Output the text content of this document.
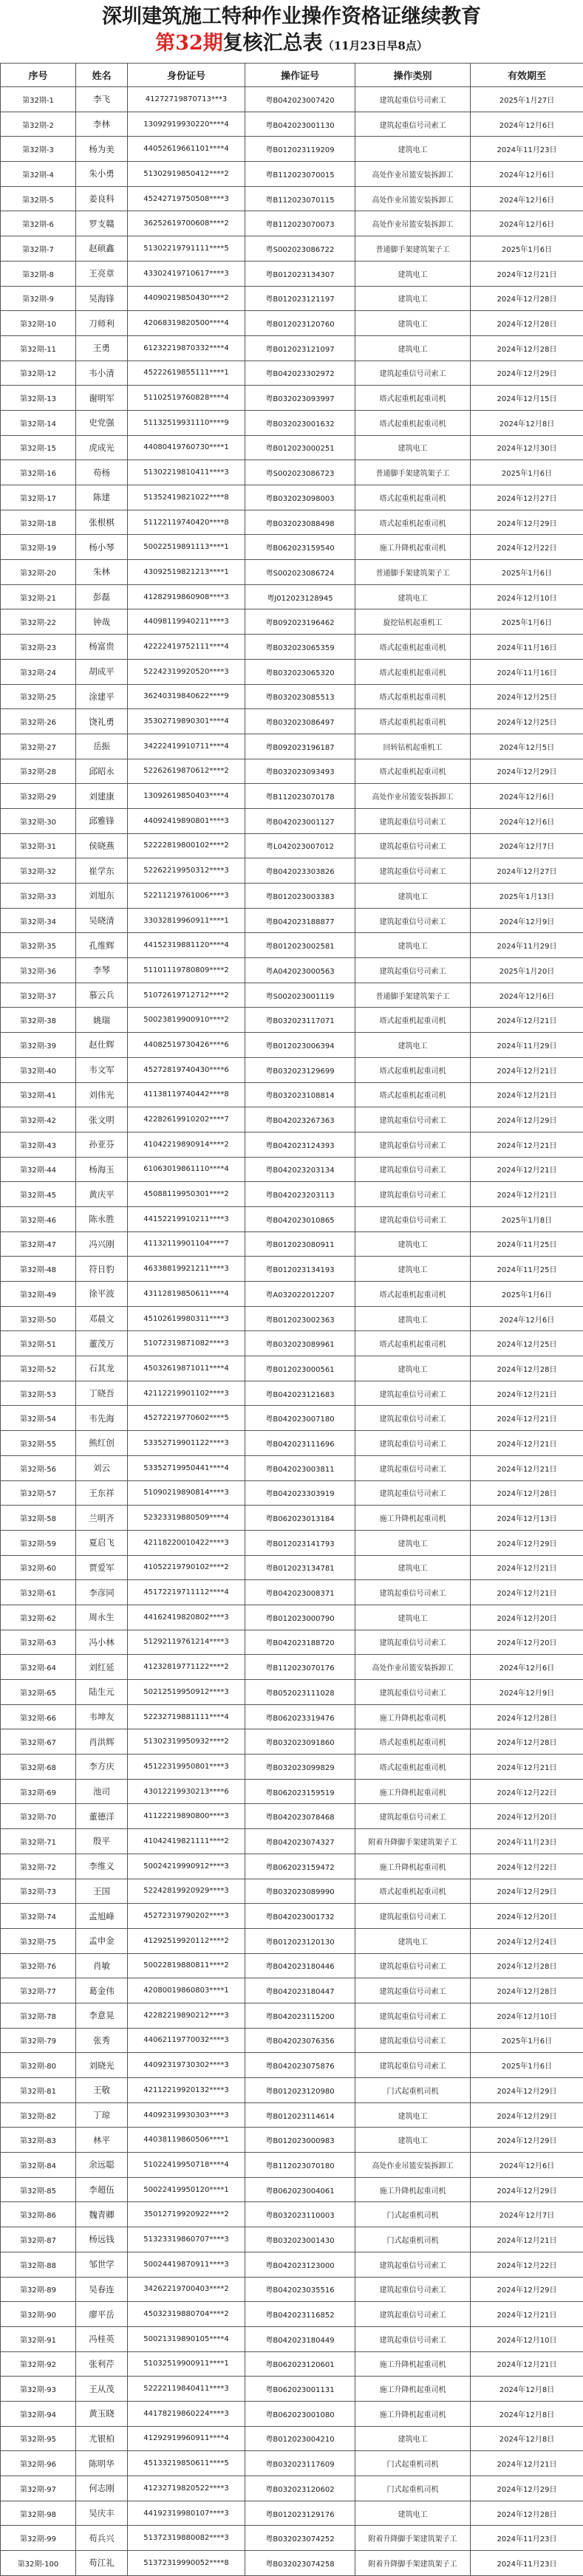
深圳建筑施工特种作业操作资格证继续教育
第32期复核汇总表（11月23日早8点）
序号	姓名	身份证号	操作证号	操作类别	有效期至
第32期-1	李飞	41272719870713***3	粤B042023007420	建筑起重信号司索工	2025年1月27日
第32期-2	李林	13092919930220****4	粤B042023001130	建筑起重信号司索工	2024年12月6日
第32期-3	杨为美	44052619661101****4	粤B012023119209	建筑电工	2024年11月23日
第32期-4	朱小勇	51302919850412****2	粤B112023070015	高处作业吊篮安装拆卸工	2024年12月6日
第32期-5	姜良科	45242719750508****3	粤B112023070115	高处作业吊篮安装拆卸工	2024年12月6日
第32期-6	罗支赣	36252619700608****2	粤B112023070073	高处作业吊篮安装拆卸工	2024年12月6日
第32期-7	赵硕鑫	51302219791111****5	粤S002023086722	普通脚手架建筑架子工	2025年1月6日
第32期-8	王亮章	43302419710617****3	粤B012023134307	建筑电工	2024年12月21日
第32期-9	吴海锋	44090219850430****2	粤B012023121197	建筑电工	2024年12月28日
第32期-10	刀师利	42068319820500****4	粤B012023120760	建筑电工	2024年12月28日
第32期-11	王勇	61232219870332****4	粤B012023121097	建筑电工	2024年12月28日
第32期-12	韦小清	45222619855111****1	粤B042023302972	建筑起重信号司索工	2024年12月29日
第32期-13	谢明军	51102519760828****4	粤B032023093997	塔式起重机起重司机	2024年12月15日
第32期-14	史党强	51132519931110****9	粤B032023001632	塔式起重机起重司机	2024年12月8日
第32期-15	虎成光	44080419760730****1	粤B012023000251	建筑电工	2024年12月30日
第32期-16	苟杨	51302219810411****3	粤S002023086723	普通脚手架建筑架子工	2025年1月6日
第32期-17	陈建	51352419821022****8	粤B032023098003	塔式起重机起重司机	2024年12月27日
第32期-18	张根棋	51122119740420****8	粤B032023088498	塔式起重机起重司机	2024年12月29日
第32期-19	杨小琴	50022519891113****1	粤B062023159540	施工升降机起重司机	2024年12月22日
第32期-20	朱林	43092519821213****1	粤S002023086724	普通脚手架建筑架子工	2025年1月6日
第32期-21	彭磊	41282919860908****3	粤J012023128945	建筑电工	2024年12月10日
第32期-22	钟哉	44098119940211****3	粤B092023196462	旋挖钻机起重机工	2025年1月6日
第32期-23	杨富贵	42222419752111****4	粤B032023065359	塔式起重机起重司机	2024年11月16日
第32期-24	胡成平	52242319920520****3	粤B032023065320	塔式起重机起重司机	2024年11月16日
第32期-25	涂建平	36240319840622****9	粤B032023085513	塔式起重机起重司机	2024年12月25日
第32期-26	饶礼勇	35302719890301****4	粤B032023086497	塔式起重机起重司机	2024年12月25日
第32期-27	岳振	34222419910711****4	粤B092023196187	回转钻机起重机工	2024年12月5日
第32期-28	邱昭永	52262619870612****2	粤B032023093493	塔式起重机起重司机	2024年12月29日
第32期-29	刘建康	13092619850403****4	粤B112023070178	高处作业吊篮安装拆卸工	2024年12月6日
第32期-30	邱雅锋	44092419890801****3	粤B042023001127	建筑起重信号司索工	2024年12月6日
第32期-31	侯晓燕	52222819800102****2	粤L042023007012	建筑起重信号司索工	2024年12月7日
第32期-32	崔学东	52262219950312****3	粤B042023303826	建筑起重信号司索工	2024年12月27日
第32期-33	刘旭东	52211219761006****3	粤B012023003383	建筑电工	2025年1月13日
第32期-34	吴晓清	33032819960911****1	粤B042023188877	建筑起重信号司索工	2024年12月9日
第32期-35	孔维辉	44152319881120****4	粤B012023002581	建筑电工	2024年11月29日
第32期-36	李琴	51101119780809****2	粤A042023000563	建筑起重信号司索工	2025年1月20日
第32期-37	慕云兵	51072619712712****2	粤S002023001119	普通脚手架建筑架子工	2024年12月6日
第32期-38	姚瑞	50023819900910****2	粤B032023117071	塔式起重机起重司机	2024年12月21日
第32期-39	赵仕辉	44082519730426****6	粤B012023006394	建筑电工	2024年11月29日
第32期-40	韦文军	45272819740430****6	粤B032023129699	塔式起重机起重司机	2024年12月21日
第32期-41	刘伟光	41138119740442****8	粤B032023108814	塔式起重机起重司机	2024年12月21日
第32期-42	张文明	42282619910202****7	粤B042023267363	建筑起重信号司索工	2024年12月29日
第32期-43	孙亚芬	41042219890914****2	粤B042023124393	建筑起重信号司索工	2024年12月21日
第32期-44	杨海玉	61063019861110****4	粤B042023203134	建筑起重信号司索工	2024年12月21日
第32期-45	黄庆平	45088119950301****2	粤B042023203113	建筑起重信号司索工	2024年12月21日
第32期-46	陈永胜	44152219910211****3	粤B042023010865	建筑起重信号司索工	2025年1月8日
第32期-47	冯兴刚	41132119901104****7	粤B012023080911	建筑电工	2024年11月25日
第32期-48	符日豹	46338819921211****3	粤B012023134193	建筑电工	2024年11月25日
第32期-49	徐平波	43112819850611****4	粤A032022012207	塔式起重机起重司机	2025年1月6日
第32期-50	邓晨文	45102619980311****3	粤B012023002363	建筑电工	2024年12月6日
第32期-51	董茂万	51072319871082****3	粤B032023089961	塔式起重机起重司机	2024年12月25日
第32期-52	石其龙	45032619871011****4	粤B012023000561	建筑电工	2024年12月28日
第32期-53	丁晓吾	42112219901102****3	粤B042023121683	建筑起重信号司索工	2024年12月21日
第32期-54	韦先海	45272219770602****5	粤B042023007180	建筑起重信号司索工	2024年12月21日
第32期-55	熊红创	53352719901122****3	粤B042023111696	建筑起重信号司索工	2024年12月21日
第32期-56	刘云	53352719950441****4	粤B042023003811	建筑起重信号司索工	2024年12月21日
第32期-57	王东祥	51090219890814****3	粤B042023303919	建筑起重信号司索工	2024年12月28日
第32期-58	兰明齐	52323319880509****4	粤B062023013184	施工升降机起重司机	2024年12月13日
第32期-59	夏启飞	42118220010422****3	粤B012023141793	建筑电工	2024年12月29日
第32期-60	贾爱军	41052219790102****2	粤B012023134781	建筑电工	2024年12月21日
第32期-61	李彦同	45172219711112****4	粤B042023008371	建筑起重信号司索工	2024年12月21日
第32期-62	周永生	44162419820802****3	粤B012023000790	建筑电工	2024年12月20日
第32期-63	冯小林	51292119761214****3	粤B042023188720	建筑起重信号司索工	2024年12月20日
第32期-64	刘红延	41232819771122****2	粤B112023070176	高处作业吊篮安装拆卸工	2024年12月6日
第32期-65	陆生元	50212519950912****3	粤B052023111028	建筑起重信号司索工	2024年12月9日
第32期-66	韦坤友	52232719881111****4	粤B062023319476	施工升降机起重司机	2024年12月28日
第32期-67	肖洪辉	51302319950932****2	粤B032023091860	塔式起重机起重司机	2024年12月28日
第32期-68	李方庆	45122319950801****3	粤B032023099829	塔式起重机起重司机	2024年12月21日
第32期-69	池司	43012219930213****6	粤B062023159519	施工升降机起重司机	2024年12月22日
第32期-70	董德洋	41122219890800****3	粤B042023078468	建筑起重信号司索工	2024年12月20日
第32期-71	殷平	41042419821111****2	粤B042023074327	附着升降脚手架建筑架子工	2024年11月23日
第32期-72	李维义	50024219990912****3	粤B062023159472	施工升降机起重司机	2024年12月22日
第32期-73	王国	52242819920929****3	粤B032023089990	塔式起重机起重司机	2024年12月29日
第32期-74	孟旭峰	45272319790202****3	粤B042023001732	建筑起重信号司索工	2024年12月20日
第32期-75	孟申金	41292519920112****2	粤B012023120130	建筑电工	2024年12月24日
第32期-76	肖敏	50022819880811****2	粤B042023180446	建筑起重信号司索工	2024年12月28日
第32期-77	葛金伟	42080019860803****1	粤B042023180447	建筑起重信号司索工	2024年12月28日
第32期-78	李意晃	42282219890212****3	粤B042023115200	建筑起重信号司索工	2024年12月10日
第32期-79	张秀	44062119770032****3	粤B042023076356	建筑起重信号司索工	2025年1月6日
第32期-80	刘晓光	44092319730302****3	粤B042023075876	建筑起重信号司索工	2025年1月6日
第32期-81	王敬	42112219920132****3	粤B012023120980	门式起重机司机	2024年12月29日
第32期-82	丁琼	44092319930303****3	粤B012023114614	建筑电工	2024年12月29日
第32期-83	林平	44038119860506****1	粤B012023000983	建筑电工	2024年12月29日
第32期-84	余远聪	51022419950718****4	粤B112023070180	高处作业吊篮安装拆卸工	2024年12月6日
第32期-85	李超伍	50022419950120****1	粤B062023004061	施工升降机起重司机	2024年12月29日
第32期-86	魏青卿	35012719920922****2	粤B032023110003	门式起重机司机	2024年12月7日
第32期-87	杨远钱	51323319860707****3	粤B032023001430	门式起重机司机	2024年12月21日
第32期-88	邹世学	50024419870911****3	粤B042023123000	建筑起重信号司索工	2024年12月22日
第32期-89	吴春连	34262219700403****2	粤B042023035516	建筑起重信号司索工	2024年12月29日
第32期-90	廖平岳	45032319880704****2	粤B042023116852	建筑起重信号司索工	2024年12月21日
第32期-91	冯桂英	50021319890105****4	粤B042023180449	建筑起重信号司索工	2024年12月10日
第32期-92	张利芹	51032519900911****1	粤B062023120601	施工升降机起重司机	2024年12月21日
第32期-93	王从茂	52222119840411****3	粤B062023001131	施工升降机起重司机	2024年12月8日
第32期-94	黄玉晓	44178219860224****3	粤B062023001080	施工升降机起重司机	2024年12月8日
第32期-95	尤银柏	41292919960911****4	粤B012023004210	建筑电工	2024年12月8日
第32期-96	陈明华	45133219850611****5	粤B032023117609	门式起重机司机	2024年12月21日
第32期-97	何志刚	41232719820522****3	粤B032023120602	门式起重机司机	2024年12月29日
第32期-98	吴庆丰	44192319980107****3	粤B012023129176	建筑电工	2024年12月28日
第32期-99	苟兵兴	51372319880082****3	粤B032023074252	附着升降脚手架建筑架子工	2024年11月23日
第32期-100	苟江礼	51372319990052****8	粤B032023074258	附着升降脚手架建筑架子工	2024年11月23日
